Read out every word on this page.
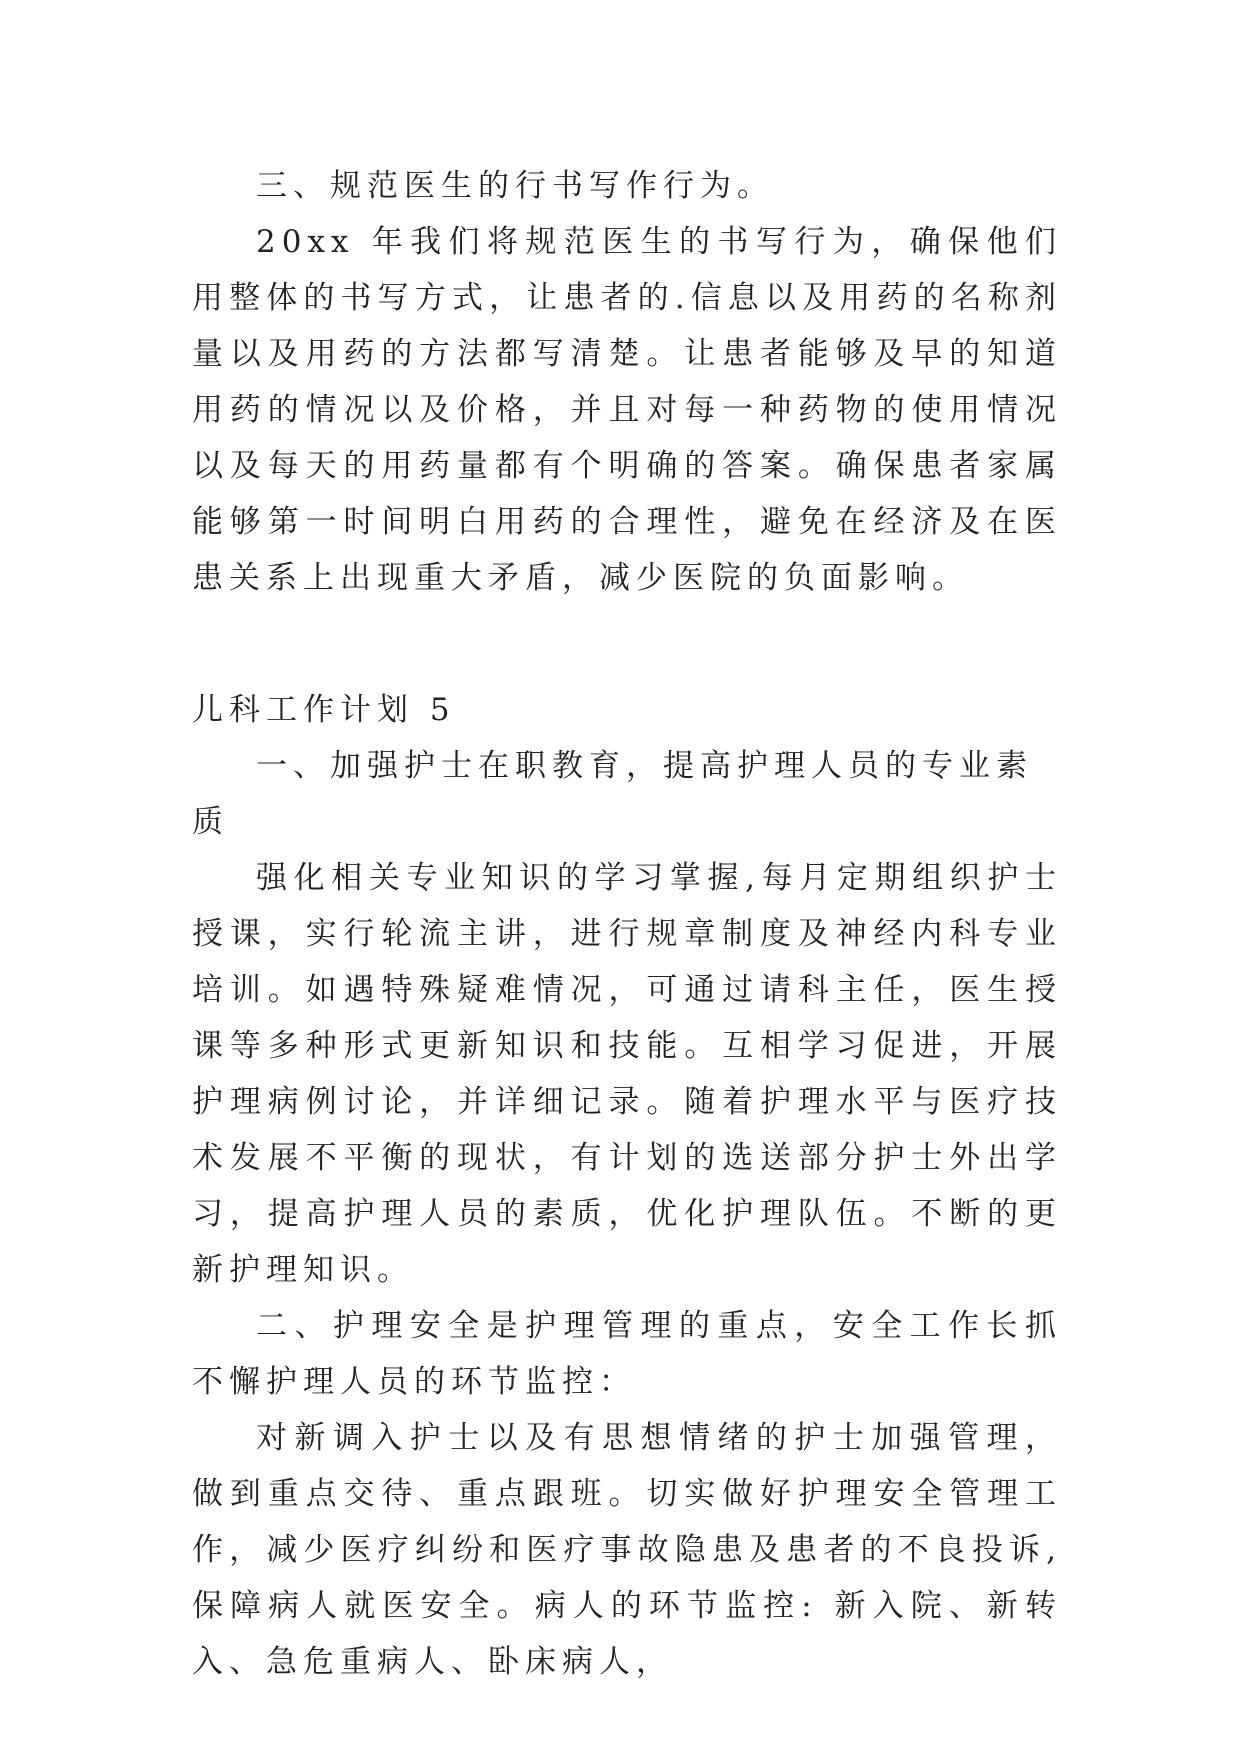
三、规范医生的行书写作行为。

20xx 年我们将规范医生的书写行为，确保他们用整体的书写方式，让患者的.信息以及用药的名称剂量以及用药的方法都写清楚。让患者能够及早的知道用药的情况以及价格，并且对每一种药物的使用情况以及每天的用药量都有个明确的答案。确保患者家属能够第一时间明白用药的合理性，避免在经济及在医患关系上出现重大矛盾，减少医院的负面影响。

儿科工作计划 5

一、加强护士在职教育，提高护理人员的专业素质

强化相关专业知识的学习掌握,每月定期组织护士授课，实行轮流主讲，进行规章制度及神经内科专业培训。如遇特殊疑难情况，可通过请科主任，医生授课等多种形式更新知识和技能。互相学习促进，开展护理病例讨论，并详细记录。随着护理水平与医疗技术发展不平衡的现状，有计划的选送部分护士外出学习，提高护理人员的素质，优化护理队伍。不断的更新护理知识。

二、护理安全是护理管理的重点，安全工作长抓不懈护理人员的环节监控：

对新调入护士以及有思想情绪的护士加强管理，做到重点交待、重点跟班。切实做好护理安全管理工作，减少医疗纠纷和医疗事故隐患及患者的不良投诉,保障病人就医安全。病人的环节监控: 新入院、新转入、急危重病人、卧床病人，
